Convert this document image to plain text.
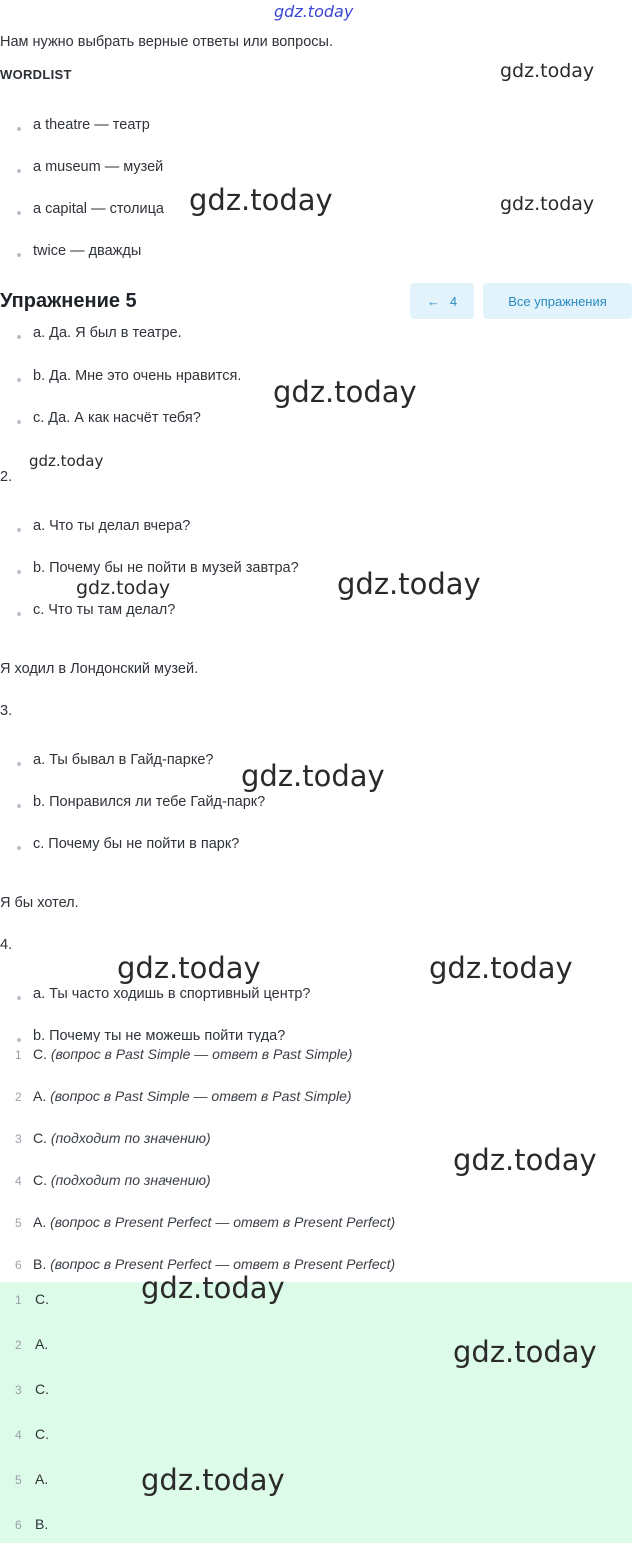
gdz.today
Нам нужно выбрать верные ответы или вопросы.
WORDLIST
a theatre — театр
a museum — музей
a capital — столица
twice — дважды
Упражнение 5	← 4	Все упражнения
a. Да. Я был в театре.
b. Да. Мне это очень нравится.
c. Да. А как насчёт тебя?
2.
a. Что ты делал вчера?
b. Почему бы не пойти в музей завтра?
c. Что ты там делал?
Я ходил в Лондонский музей.
3.
a. Ты бывал в Гайд-парке?
b. Понравился ли тебе Гайд-парк?
c. Почему бы не пойти в парк?
Я бы хотел.
4.
a. Ты часто ходишь в спортивный центр?
b. Почему ты не можешь пойти туда?
1 C. (вопрос в Past Simple — ответ в Past Simple)
2 A. (вопрос в Past Simple — ответ в Past Simple)
3 C. (подходит по значению)
4 C. (подходит по значению)
5 A. (вопрос в Present Perfect — ответ в Present Perfect)
6 B. (вопрос в Present Perfect — ответ в Present Perfect)
1 C.
2 A.
3 C.
4 C.
5 A.
6 B.
gdz.today
gdz.today	gdz.today
gdz.today
gdz.today
gdz.today
gdz.today
gdz.today
gdz.today	gdz.today
gdz.today
gdz.today
gdz.today
gdz.today
